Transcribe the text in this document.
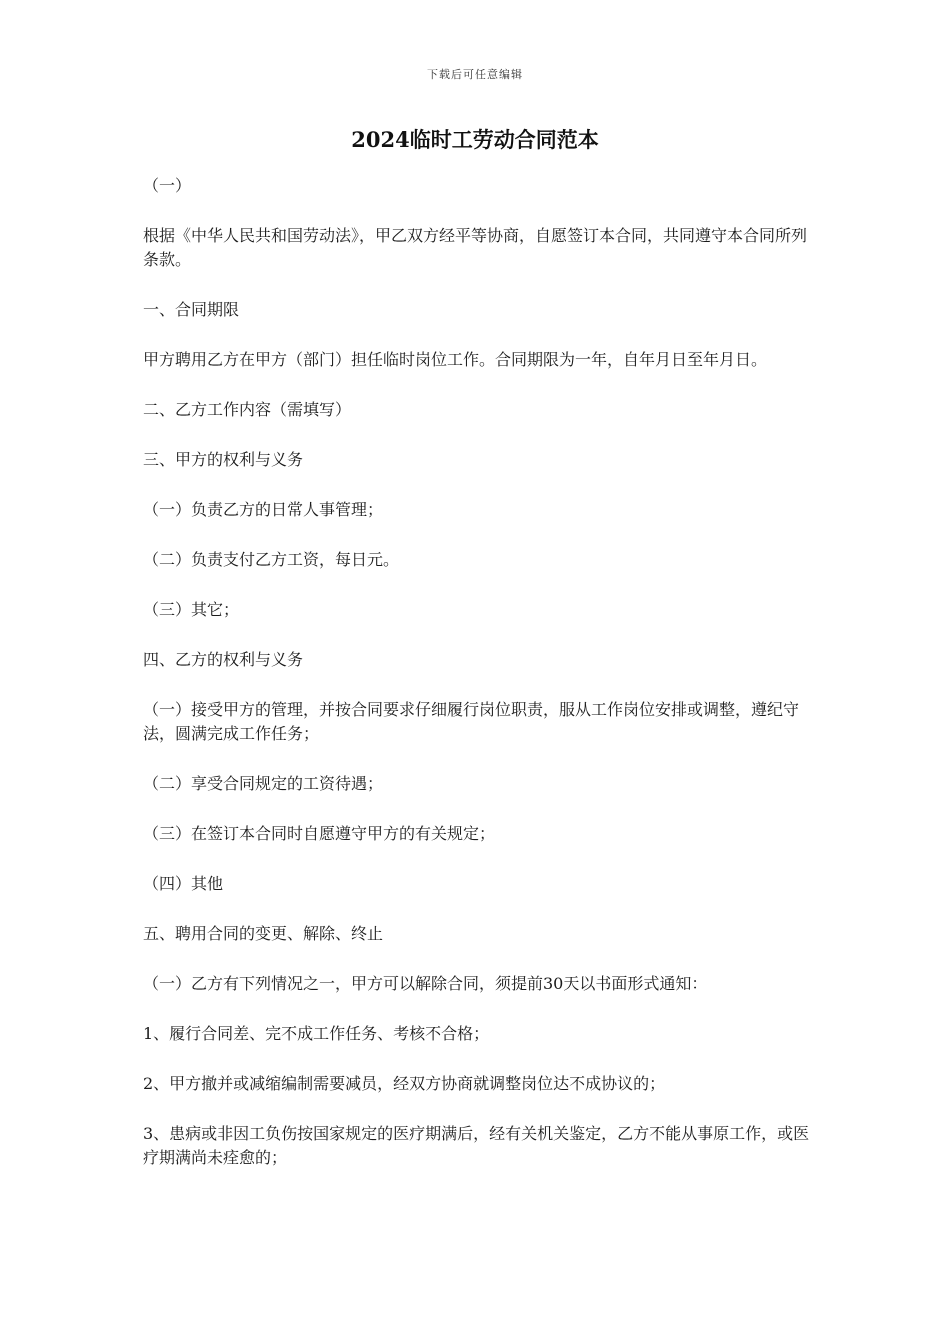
下载后可任意编辑
2024临时工劳动合同范本

（一）

根据《中华人民共和国劳动法》，甲乙双方经平等协商，自愿签订本合同，共同遵守本合同所列条款。

一、合同期限

甲方聘用乙方在甲方（部门）担任临时岗位工作。合同期限为一年，自年月日至年月日。

二、乙方工作内容（需填写）

三、甲方的权利与义务

（一）负责乙方的日常人事管理；

（二）负责支付乙方工资，每日元。

（三）其它；

四、乙方的权利与义务

（一）接受甲方的管理，并按合同要求仔细履行岗位职责，服从工作岗位安排或调整，遵纪守法，圆满完成工作任务；

（二）享受合同规定的工资待遇；

（三）在签订本合同时自愿遵守甲方的有关规定；

（四）其他

五、聘用合同的变更、解除、终止

（一）乙方有下列情况之一，甲方可以解除合同，须提前30天以书面形式通知：

1、履行合同差、完不成工作任务、考核不合格；

2、甲方撤并或减缩编制需要减员，经双方协商就调整岗位达不成协议的；

3、患病或非因工负伤按国家规定的医疗期满后，经有关机关鉴定，乙方不能从事原工作，或医疗期满尚未痊愈的；
